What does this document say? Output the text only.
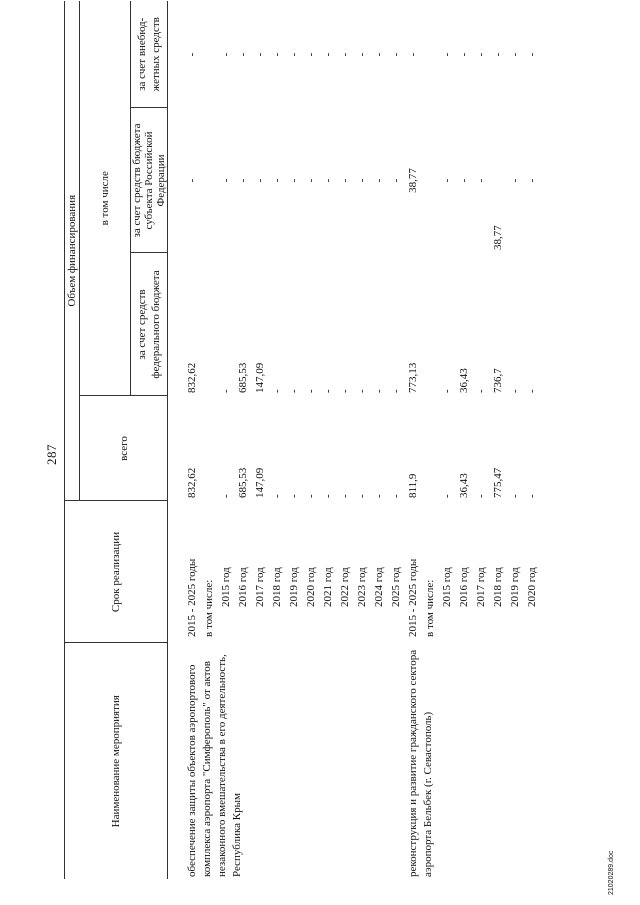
287
Наименование мероприятия	Срок реализации	Объем финансирования			
		всего	в том числе		
			за счет средств федерального бюджета	за счет средств бюджета субъекта Российской Федерации	за счет внебюд-жетных средств

обеспечение защиты объектов аэропортового комплекса аэропорта "Симферополь" от актов незаконного вмешательства в его деятельность, Республика Крым	2015 - 2025 годы	832,62	832,62	-	-
	в том числе:				
	2015 год	-	-	-	-
	2016 год	685,53	685,53	-	-
	2017 год	147,09	147,09	-	-
	2018 год	-	-	-	-
	2019 год	-	-	-	-
	2020 год	-	-	-	-
	2021 год	-	-	-	-
	2022 год	-	-	-	-
	2023 год	-	-	-	-
	2024 год	-	-	-	-
	2025 год	-	-	-	-
реконструкция и развитие гражданского сектора аэропорта Бельбек (г. Севастополь)	2015 - 2025 годы	811,9	773,13	38,77	-
	в том числе:				
	2015 год	-	-	-	-
	2016 год	36,43	36,43	-	-
	2017 год	-	-	-	-
	2018 год	775,47	736,7	38,77	-
	2019 год	-	-	-	-
	2020 год	-	-	-	-
21020289.doc
